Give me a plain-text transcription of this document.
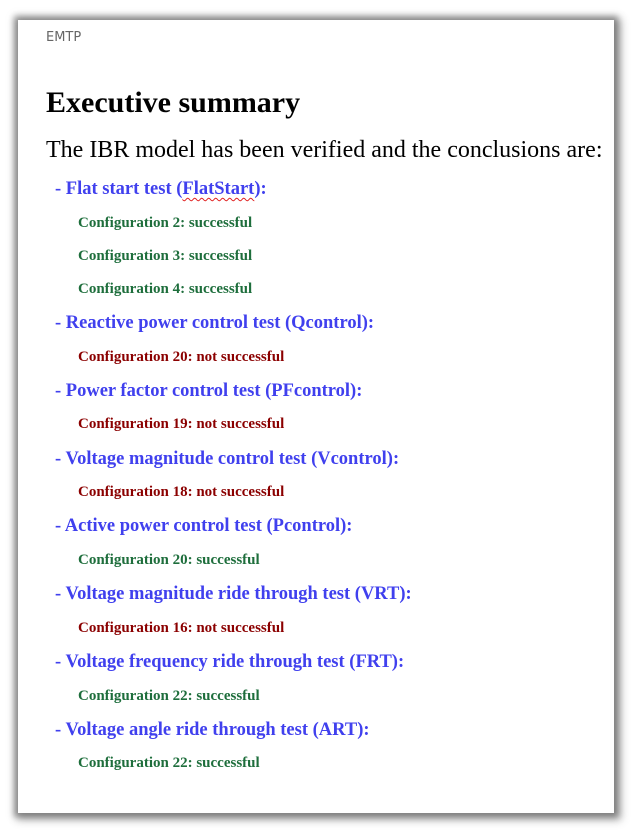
EMTP
Executive summary
The IBR model has been verified and the conclusions are:
- Flat start test (FlatStart):
Configuration 2: successful
Configuration 3: successful
Configuration 4: successful
- Reactive power control test (Qcontrol):
Configuration 20: not successful
- Power factor control test (PFcontrol):
Configuration 19: not successful
- Voltage magnitude control test (Vcontrol):
Configuration 18: not successful
- Active power control test (Pcontrol):
Configuration 20: successful
- Voltage magnitude ride through test (VRT):
Configuration 16: not successful
- Voltage frequency ride through test (FRT):
Configuration 22: successful
- Voltage angle ride through test (ART):
Configuration 22: successful
